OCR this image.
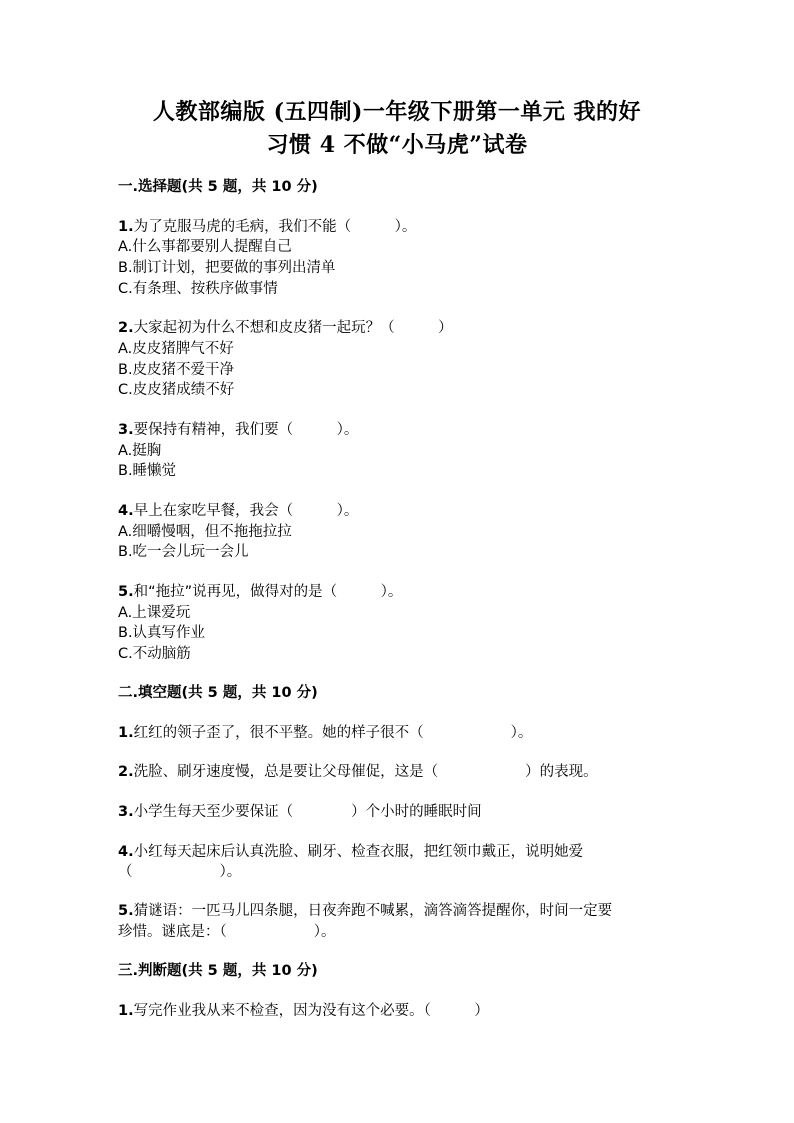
人教部编版 (五四制)一年级下册第一单元 我的好
习惯 4 不做“小马虎”试卷
一.选择题(共 5 题，共 10 分)
1.为了克服马虎的毛病，我们不能（　　　）。
A.什么事都要别人提醒自己
B.制订计划，把要做的事列出清单
C.有条理、按秩序做事情
2.大家起初为什么不想和皮皮猪一起玩？（　　　）
A.皮皮猪脾气不好
B.皮皮猪不爱干净
C.皮皮猪成绩不好
3.要保持有精神，我们要（　　　）。
A.挺胸
B.睡懒觉
4.早上在家吃早餐，我会（　　　）。
A.细嚼慢咽，但不拖拖拉拉
B.吃一会儿玩一会儿
5.和“拖拉”说再见，做得对的是（　　　）。
A.上课爱玩
B.认真写作业
C.不动脑筋
二.填空题(共 5 题，共 10 分)
1.红红的领子歪了，很不平整。她的样子很不（　　　　　　）。
2.洗脸、刷牙速度慢，总是要让父母催促，这是（　　　　　　）的表现。
3.小学生每天至少要保证（　　　　）个小时的睡眠时间
4.小红每天起床后认真洗脸、刷牙、检查衣服，把红领巾戴正，说明她爱
（　　　　　　）。
5.猜谜语：一匹马儿四条腿，日夜奔跑不喊累，滴答滴答提醒你，时间一定要
珍惜。谜底是：（　　　　　　）。
三.判断题(共 5 题，共 10 分)
1.写完作业我从来不检查，因为没有这个必要。（　　　）
